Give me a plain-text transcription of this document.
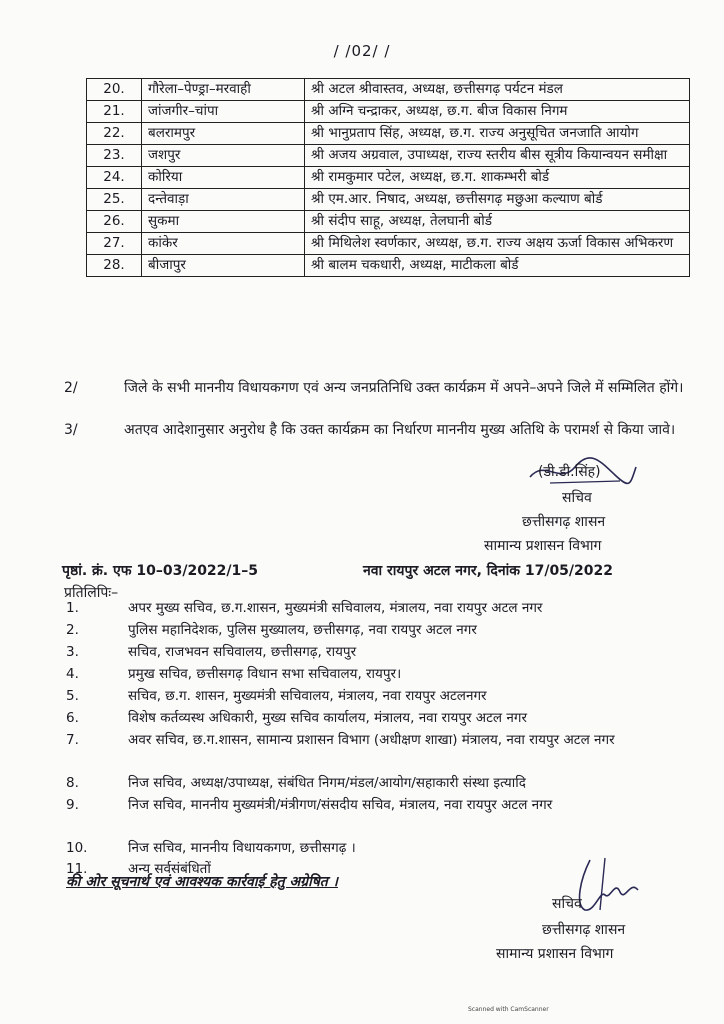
/ /02/ /
20.	गौरेला–पेण्ड्रा–मरवाही	श्री अटल श्रीवास्तव, अध्यक्ष, छत्तीसगढ़ पर्यटन मंडल
21.	जांजगीर–चांपा	श्री अग्नि चन्द्राकर, अध्यक्ष, छ.ग. बीज विकास निगम
22.	बलरामपुर	श्री भानुप्रताप सिंह, अध्यक्ष, छ.ग. राज्य अनुसूचित जनजाति आयोग
23.	जशपुर	श्री अजय अग्रवाल, उपाध्यक्ष, राज्य स्तरीय बीस सूत्रीय कियान्वयन समीक्षा
24.	कोरिया	श्री रामकुमार पटेल, अध्यक्ष, छ.ग. शाकम्भरी बोर्ड
25.	दन्तेवाड़ा	श्री एम.आर. निषाद, अध्यक्ष, छत्तीसगढ़ मछुआ कल्याण बोर्ड
26.	सुकमा	श्री संदीप साहू, अध्यक्ष, तेलघानी बोर्ड
27.	कांकेर	श्री मिथिलेश स्वर्णकार, अध्यक्ष, छ.ग. राज्य अक्षय ऊर्जा विकास अभिकरण
28.	बीजापुर	श्री बालम चकधारी, अध्यक्ष, माटीकला बोर्ड
2/	जिले के सभी माननीय विधायकगण एवं अन्य जनप्रतिनिधि उक्त कार्यक्रम में अपने–अपने जिले में सम्मिलित होंगे।
3/	अतएव आदेशानुसार अनुरोध है कि उक्त कार्यक्रम का निर्धारण माननीय मुख्य अतिथि के परामर्श से किया जावे।
(डी.डी.सिंह)
सचिव
छत्तीसगढ़ शासन
सामान्य प्रशासन विभाग
पृष्ठां. क्रं. एफ 10–03/2022/1–5	नवा रायपुर अटल नगर, दिनांक 17/05/2022
प्रतिलिपिः–
1.	अपर मुख्य सचिव, छ.ग.शासन, मुख्यमंत्री सचिवालय, मंत्रालय, नवा रायपुर अटल नगर
2.	पुलिस महानिदेशक, पुलिस मुख्यालय, छत्तीसगढ़, नवा रायपुर अटल नगर
3.	सचिव, राजभवन सचिवालय, छत्तीसगढ़, रायपुर
4.	प्रमुख सचिव, छत्तीसगढ़ विधान सभा सचिवालय, रायपुर।
5.	सचिव, छ.ग. शासन, मुख्यमंत्री सचिवालय, मंत्रालय, नवा रायपुर अटलनगर
6.	विशेष कर्तव्यस्थ अधिकारी, मुख्य सचिव कार्यालय, मंत्रालय, नवा रायपुर अटल नगर
7.	अवर सचिव, छ.ग.शासन, सामान्य प्रशासन विभाग (अधीक्षण शाखा) मंत्रालय, नवा रायपुर अटल नगर
8.	निज सचिव, अध्यक्ष/उपाध्यक्ष, संबंधित निगम/मंडल/आयोग/सहाकारी संस्था इत्यादि
9.	निज सचिव, माननीय मुख्यमंत्री/मंत्रीगण/संसदीय सचिव, मंत्रालय, नवा रायपुर अटल नगर
10.	निज सचिव, माननीय विधायकगण, छत्तीसगढ़ ।
11.	अन्य सर्वसंबंधितों
की ओर सूचनार्थ एवं आवश्यक कार्रवाई हेतु अग्रेषित ।
सचिव
छत्तीसगढ़ शासन
सामान्य प्रशासन विभाग
Scanned with CamScanner
